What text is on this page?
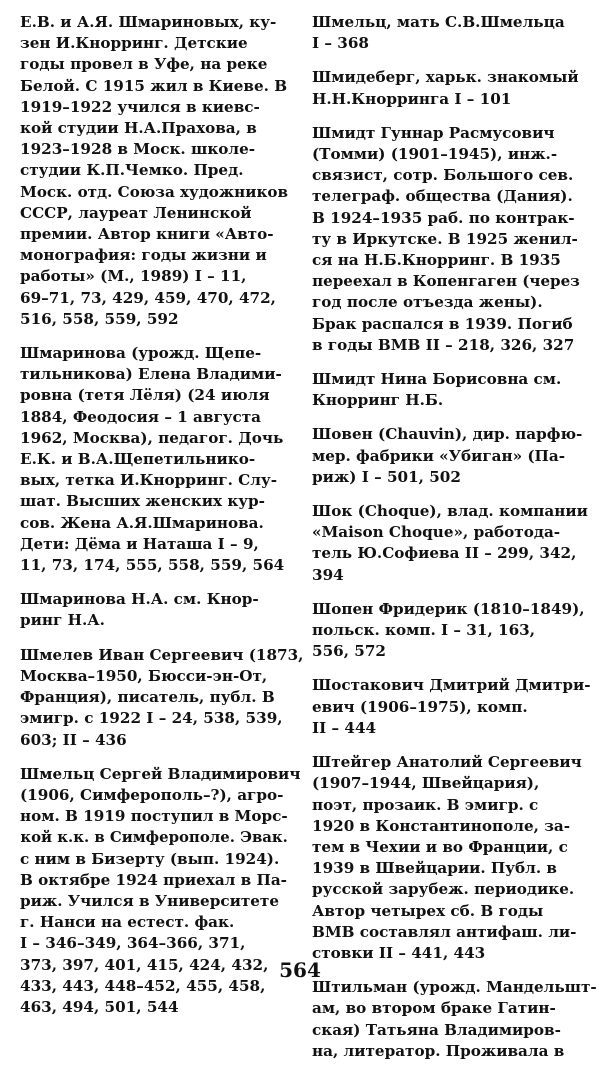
Е.В. и А.Я. Шмариновых, ку-
зен И.Кнорринг. Детские
годы провел в Уфе, на реке
Белой. С 1915 жил в Киеве. В
1919–1922 учился в киевс-
кой студии Н.А.Прахова, в
1923–1928 в Моск. школе-
студии К.П.Чемко. Пред.
Моск. отд. Союза художников
СССР, лауреат Ленинской
премии. Автор книги «Авто-
монография: годы жизни и
работы» (М., 1989) I – 11,
69–71, 73, 429, 459, 470, 472,
516, 558, 559, 592
Шмаринова (урожд. Щепе-
тильникова) Елена Владими-
ровна (тетя Лёля) (24 июля
1884, Феодосия – 1 августа
1962, Москва), педагог. Дочь
Е.К. и В.А.Щепетильнико-
вых, тетка И.Кнорринг. Слу-
шат. Высших женских кур-
сов. Жена А.Я.Шмаринова.
Дети: Дёма и Наташа I – 9,
11, 73, 174, 555, 558, 559, 564
Шмаринова Н.А. см. Кнор-
ринг Н.А.
Шмелев Иван Сергеевич (1873,
Москва–1950, Бюсси-эн-От,
Франция), писатель, публ. В
эмигр. с 1922 I – 24, 538, 539,
603; II – 436
Шмельц Сергей Владимирович
(1906, Симферополь–?), агро-
ном. В 1919 поступил в Морс-
кой к.к. в Симферополе. Эвак.
с ним в Бизерту (вып. 1924).
В октябре 1924 приехал в Па-
риж. Учился в Университете
г. Нанси на естест. фак.
I – 346–349, 364–366, 371,
373, 397, 401, 415, 424, 432,
433, 443, 448–452, 455, 458,
463, 494, 501, 544
Шмельц, мать С.В.Шмельца
I – 368
Шмидеберг, харьк. знакомый
Н.Н.Кнорринга I – 101
Шмидт Гуннар Расмусович
(Томми) (1901–1945), инж.-
связист, сотр. Большого сев.
телеграф. общества (Дания).
В 1924–1935 раб. по контрак-
ту в Иркутске. В 1925 женил-
ся на Н.Б.Кнорринг. В 1935
переехал в Копенгаген (через
год после отъезда жены).
Брак распался в 1939. Погиб
в годы ВМВ II – 218, 326, 327
Шмидт Нина Борисовна см.
Кнорринг Н.Б.
Шовен (Chauvin), дир. парфю-
мер. фабрики «Убиган» (Па-
риж) I – 501, 502
Шок (Choque), влад. компании
«Maison Choque», работода-
тель Ю.Софиева II – 299, 342,
394
Шопен Фридерик (1810–1849),
польск. комп. I – 31, 163,
556, 572
Шостакович Дмитрий Дмитри-
евич (1906–1975), комп.
II – 444
Штейгер Анатолий Сергеевич
(1907–1944, Швейцария),
поэт, прозаик. В эмигр. с
1920 в Константинополе, за-
тем в Чехии и во Франции, с
1939 в Швейцарии. Публ. в
русской зарубеж. периодике.
Автор четырех сб. В годы
ВМВ составлял антифаш. ли-
стовки II – 441, 443
Штильман (урожд. Мандельшт-
ам, во втором браке Гатин-
ская) Татьяна Владимиров-
на, литератор. Проживала в
564
